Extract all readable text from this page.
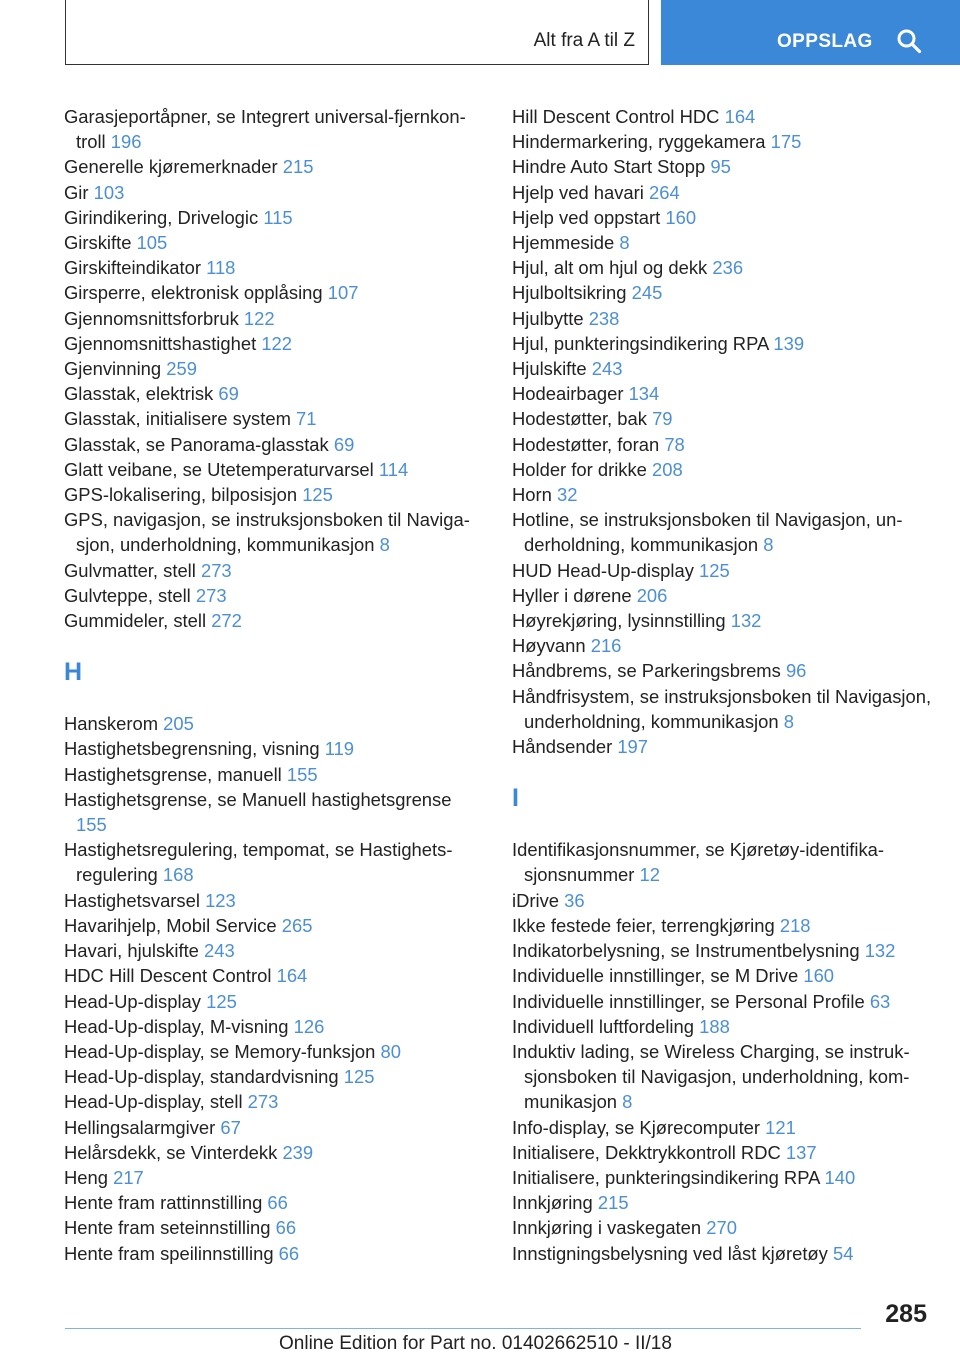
Alt fra A til Z	OPPSLAG
Garasjeportåpner, se Integrert universal-fjernkontroll 196
Generelle kjøremerknader 215
Gir 103
Girindikering, Drivelogic 115
Girskifte 105
Girskifteindikator 118
Girsperre, elektronisk opplåsing 107
Gjennomsnittsforbruk 122
Gjennomsnittshastighet 122
Gjenvinning 259
Glasstak, elektrisk 69
Glasstak, initialisere system 71
Glasstak, se Panorama-glasstak 69
Glatt veibane, se Utetemperaturvarsel 114
GPS-lokalisering, bilposisjon 125
GPS, navigasjon, se instruksjonsboken til Navigasjon, underholdning, kommunikasjon 8
Gulvmatter, stell 273
Gulvteppe, stell 273
Gummideler, stell 272
H
Hanskerom 205
Hastighetsbegrensning, visning 119
Hastighetsgrense, manuell 155
Hastighetsgrense, se Manuell hastighetsgrense 155
Hastighetsregulering, tempomat, se Hastighetsregulering 168
Hastighetsvarsel 123
Havarihjelp, Mobil Service 265
Havari, hjulskifte 243
HDC Hill Descent Control 164
Head-Up-display 125
Head-Up-display, M-visning 126
Head-Up-display, se Memory-funksjon 80
Head-Up-display, standardvisning 125
Head-Up-display, stell 273
Hellingsalarmgiver 67
Helårsdekk, se Vinterdekk 239
Heng 217
Hente fram rattinnstilling 66
Hente fram seteinnstilling 66
Hente fram speilinnstilling 66
Hill Descent Control HDC 164
Hindermarkering, ryggekamera 175
Hindre Auto Start Stopp 95
Hjelp ved havari 264
Hjelp ved oppstart 160
Hjemmeside 8
Hjul, alt om hjul og dekk 236
Hjulboltsikring 245
Hjulbytte 238
Hjul, punkteringsindikering RPA 139
Hjulskifte 243
Hodeairbager 134
Hodestøtter, bak 79
Hodestøtter, foran 78
Holder for drikke 208
Horn 32
Hotline, se instruksjonsboken til Navigasjon, underholdning, kommunikasjon 8
HUD Head-Up-display 125
Hyller i dørene 206
Høyrekjøring, lysinnstilling 132
Høyvann 216
Håndbrems, se Parkeringsbrems 96
Håndfrisystem, se instruksjonsboken til Navigasjon, underholdning, kommunikasjon 8
Håndsender 197
I
Identifikasjonsnummer, se Kjøretøy-identifikasjonsnummer 12
iDrive 36
Ikke festede feier, terrengkjøring 218
Indikatorbelysning, se Instrumentbelysning 132
Individuelle innstillinger, se M Drive 160
Individuelle innstillinger, se Personal Profile 63
Individuell luftfordeling 188
Induktiv lading, se Wireless Charging, se instruksjonsboken til Navigasjon, underholdning, kommunikasjon 8
Info-display, se Kjørecomputer 121
Initialisere, Dekktrykkontroll RDC 137
Initialisere, punkteringsindikering RPA 140
Innkjøring 215
Innkjøring i vaskegaten 270
Innstigningsbelysning ved låst kjøretøy 54
285
Online Edition for Part no. 01402662510 - II/18
